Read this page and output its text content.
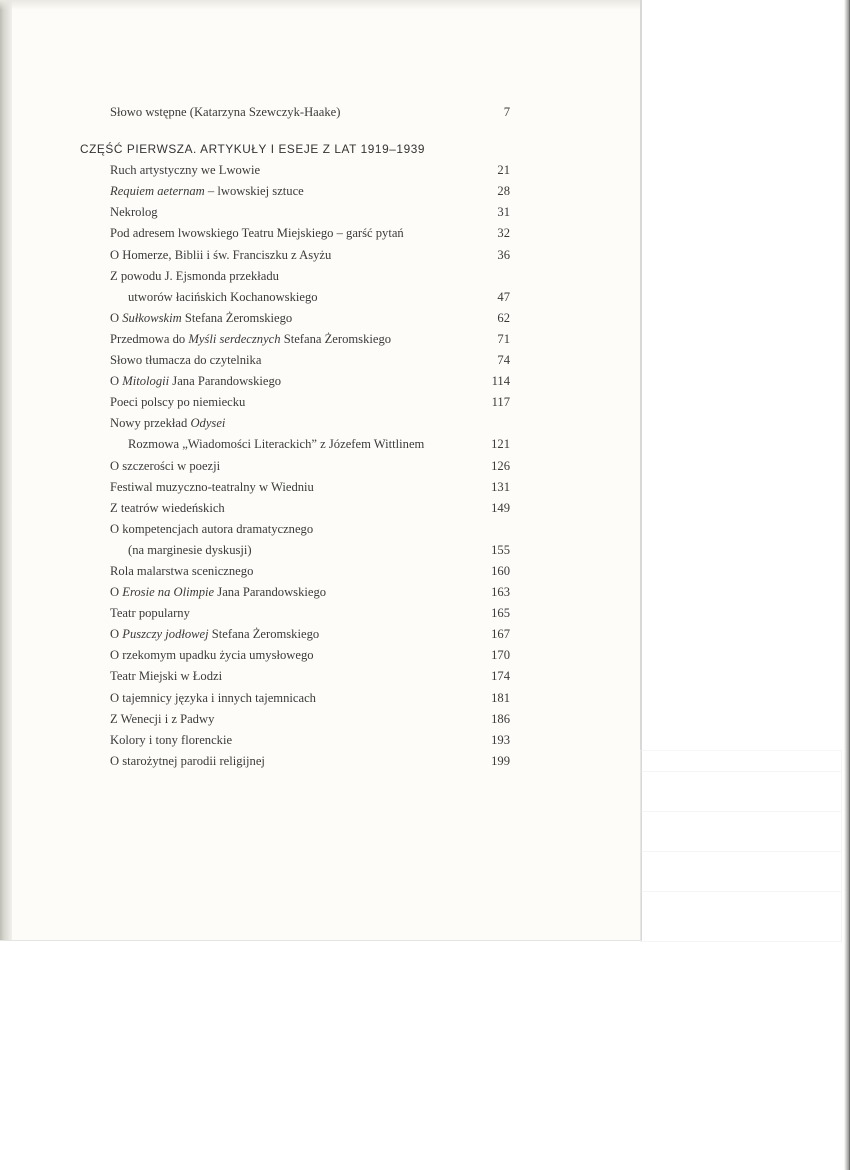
Słowo wstępne (Katarzyna Szewczyk-Haake)	7
CZĘŚĆ PIERWSZA. ARTYKUŁY I ESEJE Z LAT 1919–1939
Ruch artystyczny we Lwowie	21
Requiem aeternam – lwowskiej sztuce	28
Nekrolog	31
Pod adresem lwowskiego Teatru Miejskiego – garść pytań	32
O Homerze, Biblii i św. Franciszku z Asyżu	36
Z powodu J. Ejsmonda przekładu
utworów łacińskich Kochanowskiego	47
O Sułkowskim Stefana Żeromskiego	62
Przedmowa do Myśli serdecznych Stefana Żeromskiego	71
Słowo tłumacza do czytelnika	74
O Mitologii Jana Parandowskiego	114
Poeci polscy po niemiecku	117
Nowy przekład Odysei
Rozmowa „Wiadomości Literackich” z Józefem Wittlinem	121
O szczerości w poezji	126
Festiwal muzyczno-teatralny w Wiedniu	131
Z teatrów wiedeńskich	149
O kompetencjach autora dramatycznego
(na marginesie dyskusji)	155
Rola malarstwa scenicznego	160
O Erosie na Olimpie Jana Parandowskiego	163
Teatr popularny	165
O Puszczy jodłowej Stefana Żeromskiego	167
O rzekomym upadku życia umysłowego	170
Teatr Miejski w Łodzi	174
O tajemnicy języka i innych tajemnicach	181
Z Wenecji i z Padwy	186
Kolory i tony florenckie	193
O starożytnej parodii religijnej	199
